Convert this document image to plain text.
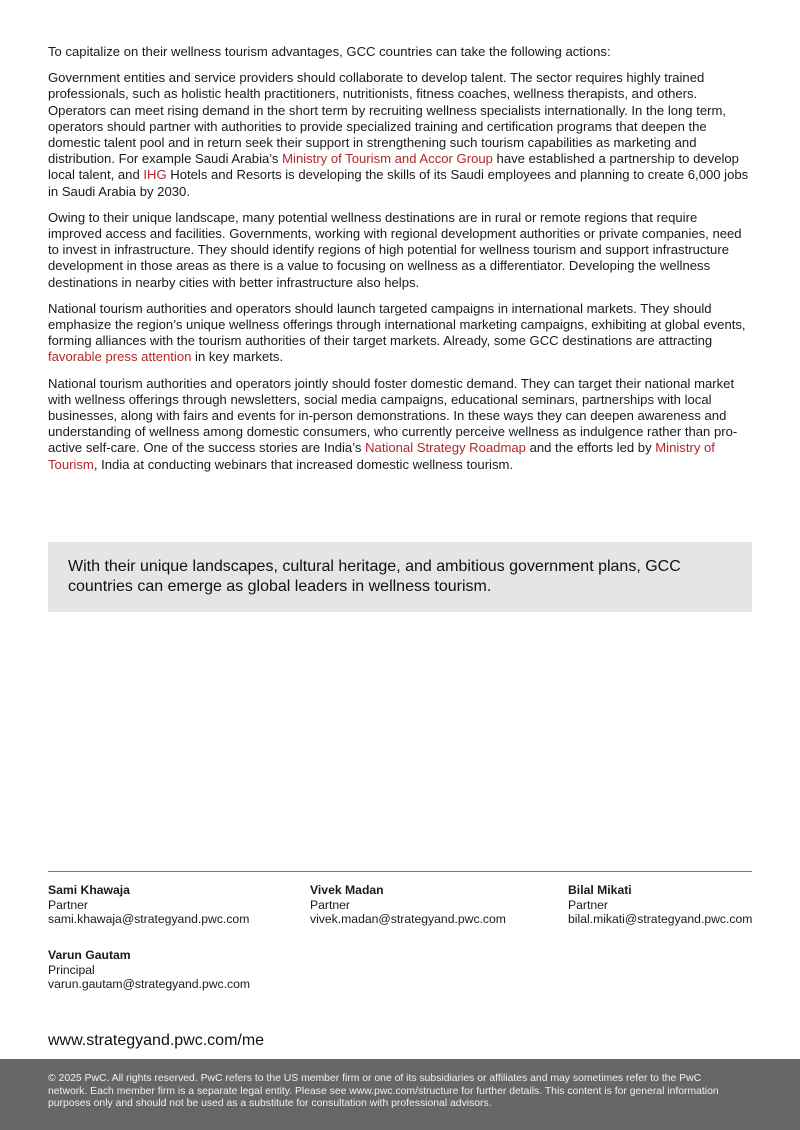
To capitalize on their wellness tourism advantages, GCC countries can take the following actions:

Government entities and service providers should collaborate to develop talent. The sector requires highly trained professionals, such as holistic health practitioners, nutritionists, fitness coaches, wellness therapists, and others. Operators can meet rising demand in the short term by recruiting wellness specialists internationally. In the long term, operators should partner with authorities to provide specialized training and certification programs that deepen the domestic talent pool and in return seek their support in strengthening such tourism capabilities as marketing and distribution. For example Saudi Arabia’s Ministry of Tourism and Accor Group have established a partnership to develop local talent, and IHG Hotels and Resorts is developing the skills of its Saudi employees and planning to create 6,000 jobs in Saudi Arabia by 2030.

Owing to their unique landscape, many potential wellness destinations are in rural or remote regions that require improved access and facilities. Governments, working with regional development authorities or private companies, need to invest in infrastructure. They should identify regions of high potential for wellness tourism and support infrastructure development in those areas as there is a value to focusing on wellness as a differentiator. Developing the wellness destinations in nearby cities with better infrastructure also helps.

National tourism authorities and operators should launch targeted campaigns in international markets. They should emphasize the region’s unique wellness offerings through international marketing campaigns, exhibiting at global events, forming alliances with the tourism authorities of their target markets. Already, some GCC destinations are attracting favorable press attention in key markets.

National tourism authorities and operators jointly should foster domestic demand. They can target their national market with wellness offerings through newsletters, social media campaigns, educational seminars, partnerships with local businesses, along with fairs and events for in-person demonstrations. In these ways they can deepen awareness and understanding of wellness among domestic consumers, who currently perceive wellness as indulgence rather than pro-active self-care. One of the success stories are India’s National Strategy Roadmap and the efforts led by Ministry of Tourism, India at conducting webinars that increased domestic wellness tourism.

With their unique landscapes, cultural heritage, and ambitious government plans, GCC countries can emerge as global leaders in wellness tourism.

Sami Khawaja
Partner
sami.khawaja@strategyand.pwc.com
Vivek Madan
Partner
vivek.madan@strategyand.pwc.com
Bilal Mikati
Partner
bilal.mikati@strategyand.pwc.com
Varun Gautam
Principal
varun.gautam@strategyand.pwc.com
www.strategyand.pwc.com/me

© 2025 PwC. All rights reserved. PwC refers to the US member firm or one of its subsidiaries or affiliates and may sometimes refer to the PwC network. Each member firm is a separate legal entity. Please see www.pwc.com/structure for further details. This content is for general information purposes only and should not be used as a substitute for consultation with professional advisors.
